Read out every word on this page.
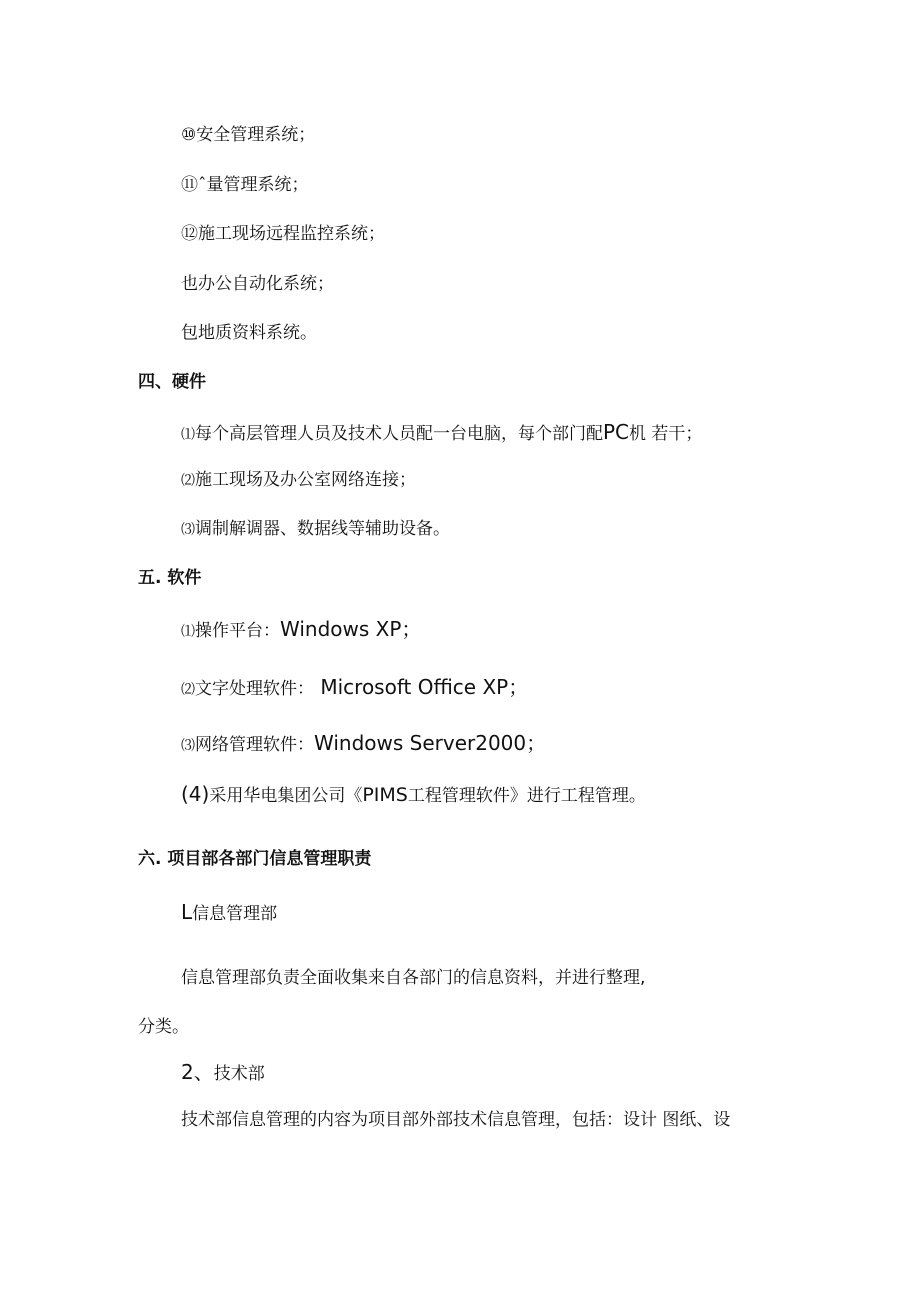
⑩安全管理系统；
⑪ˆ量管理系统；
⑫施工现场远程监控系统；
也办公自动化系统；
包地质资料系统。
四、硬件
⑴每个高层管理人员及技术人员配一台电脑，每个部门配PC机 若干；
⑵施工现场及办公室网络连接；
⑶调制解调器、数据线等辅助设备。
五. 软件
⑴操作平台：Windows XP；
⑵文字处理软件： Microsoft Office XP；
⑶网络管理软件：Windows Server2000；
(4)采用华电集团公司《PIMS工程管理软件》进行工程管理。
六. 项目部各部门信息管理职责
L信息管理部
信息管理部负责全面收集来自各部门的信息资料，并进行整理,
分类。
2、技术部
技术部信息管理的内容为项目部外部技术信息管理，包括：设计 图纸、设
